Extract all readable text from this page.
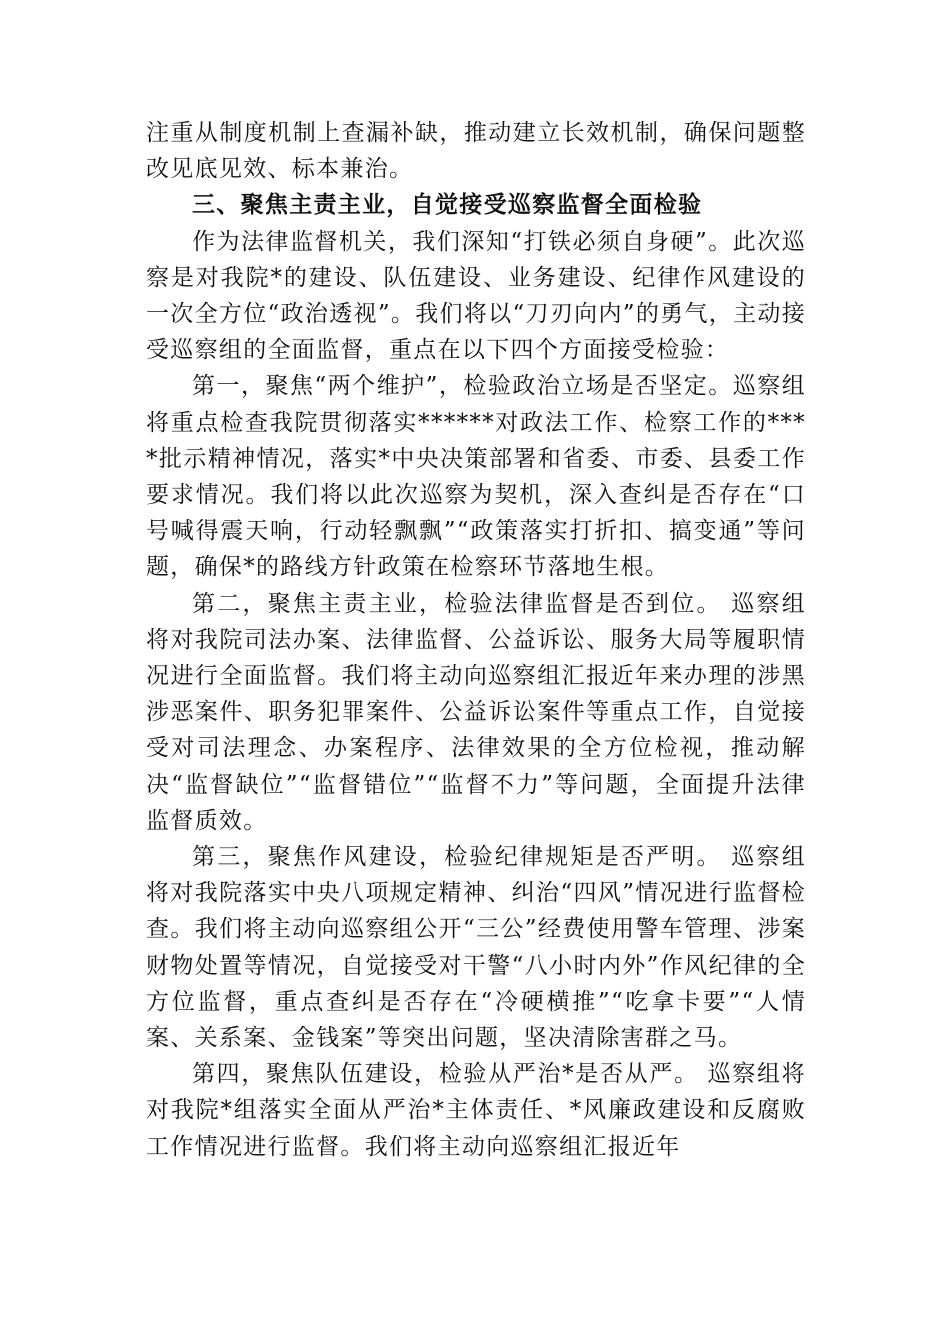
注重从制度机制上查漏补缺，推动建立长效机制，确保问题整改见底见效、标本兼治。

三、聚焦主责主业，自觉接受巡察监督全面检验

作为法律监督机关，我们深知“打铁必须自身硬”。此次巡察是对我院*的建设、队伍建设、业务建设、纪律作风建设的一次全方位“政治透视”。我们将以“刀刃向内”的勇气，主动接受巡察组的全面监督，重点在以下四个方面接受检验：

第一，聚焦“两个维护”，检验政治立场是否坚定。巡察组将重点检查我院贯彻落实******对政法工作、检察工作的****批示精神情况，落实*中央决策部署和省委、市委、县委工作要求情况。我们将以此次巡察为契机，深入查纠是否存在“口号喊得震天响，行动轻飘飘”“政策落实打折扣、搞变通”等问题，确保*的路线方针政策在检察环节落地生根。

第二，聚焦主责主业，检验法律监督是否到位。 巡察组将对我院司法办案、法律监督、公益诉讼、服务大局等履职情况进行全面监督。我们将主动向巡察组汇报近年来办理的涉黑涉恶案件、职务犯罪案件、公益诉讼案件等重点工作，自觉接受对司法理念、办案程序、法律效果的全方位检视，推动解决“监督缺位”“监督错位”“监督不力”等问题，全面提升法律监督质效。

第三，聚焦作风建设，检验纪律规矩是否严明。 巡察组将对我院落实中央八项规定精神、纠治“四风”情况进行监督检查。我们将主动向巡察组公开“三公”经费使用警车管理、涉案财物处置等情况，自觉接受对干警“八小时内外”作风纪律的全方位监督，重点查纠是否存在“冷硬横推”“吃拿卡要”“人情案、关系案、金钱案”等突出问题，坚决清除害群之马。

第四，聚焦队伍建设，检验从严治*是否从严。 巡察组将对我院*组落实全面从严治*主体责任、*风廉政建设和反腐败工作情况进行监督。我们将主动向巡察组汇报近年
